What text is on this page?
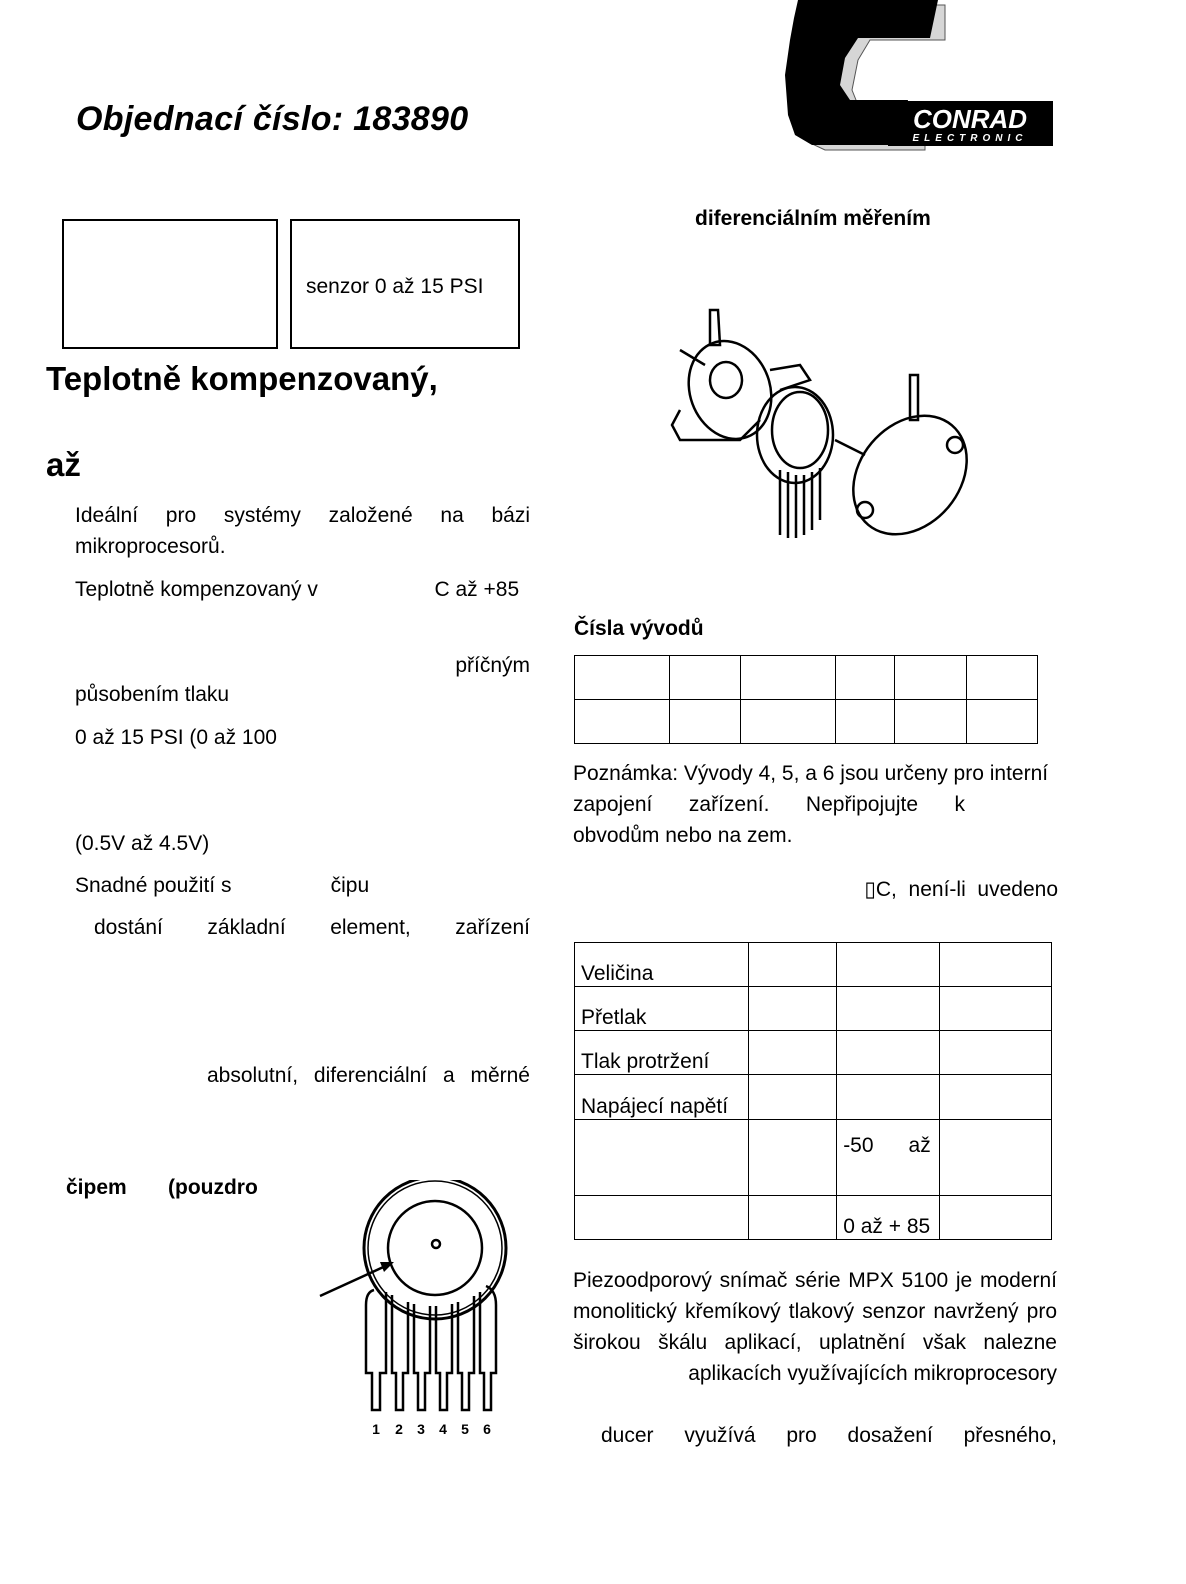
Objednací číslo: 183890	CONRAD
ELECTRONIC
senzor 0 až 15 PSI
Teplotně kompenzovaný,
až
Ideální pro systémy založené na bázi
mikroprocesorů.
Teplotně kompenzovaný v                    C až +85
příčným
působením tlaku
0 až 15 PSI (0 až 100
(0.5V až 4.5V)
Snadné použití s                 čipu
dostání základní element, zařízení
absolutní, diferenciální a měrné
čipem (pouzdro
1 2 3 4 5 6
diferenciálním měřením
Čísla vývodů

Poznámka: Vývody 4, 5, a 6 jsou určeny pro interní
zapojení zařízení. Nepřipojujte k
obvodům nebo na zem.
▯C,  není-li  uvedeno
Veličina			
Přetlak			
Tlak protržení			
Napájecí napětí			
		-50      až	
		0 až + 85	
Piezoodporový snímač série MPX 5100 je moderní
monolitický křemíkový tlakový senzor navržený pro
širokou škálu aplikací, uplatnění však nalezne
aplikacích využívajících mikroprocesory
ducer využívá pro dosažení přesného,
